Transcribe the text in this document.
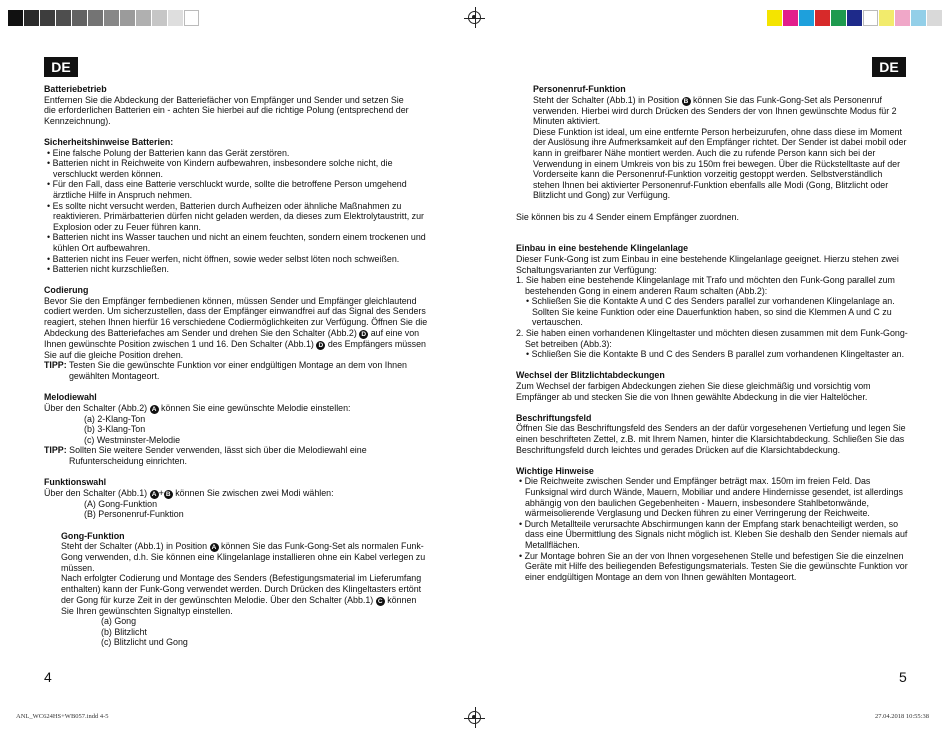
DE	DE

Batteriebetrieb

Entfernen Sie die Abdeckung der Batteriefächer von Empfänger und Sender und setzen Sie

die erforderlichen Batterien ein - achten Sie hierbei auf die richtige Polung (entsprechend der

Kennzeichnung).

Sicherheitshinweise Batterien:

• Eine falsche Polung der Batterien kann das Gerät zerstören.

• Batterien nicht in Reichweite von Kindern aufbewahren, insbesondere solche nicht, die verschluckt werden können.

• Für den Fall, dass eine Batterie verschluckt wurde, sollte die betroffene Person umgehend ärztliche Hilfe in Anspruch nehmen.

• Es sollte nicht versucht werden, Batterien durch Aufheizen oder ähnliche Maßnahmen zu reaktivieren. Primärbatterien dürfen nicht geladen werden, da dieses zum Elektrolytaustritt, zur Explosion oder zu Feuer führen kann.

• Batterien nicht ins Wasser tauchen und nicht an einem feuchten, sondern einem trockenen und kühlen Ort aufbewahren.

• Batterien nicht ins Feuer werfen, nicht öffnen, sowie weder selbst löten noch schweißen.

• Batterien nicht kurzschließen.

Codierung

Bevor Sie den Empfänger fernbedienen können, müssen Sender und Empfänger gleichlautend codiert werden. Um sicherzustellen, dass der Empfänger einwandfrei auf das Signal des Senders reagiert, stehen Ihnen hierfür 16 verschiedene Codiermöglichkeiten zur Verfügung. Öffnen Sie die Abdeckung des Batteriefaches am Sender und drehen Sie den Schalter (Abb.2) D auf eine von Ihnen gewünschte Position zwischen 1 und 16. Den Schalter (Abb.1) D des Empfängers müssen Sie auf die gleiche Position drehen.

TIPP: Testen Sie die gewünschte Funktion vor einer endgültigen Montage an dem von Ihnen gewählten Montageort.

Melodiewahl

Über den Schalter (Abb.2) A können Sie eine gewünschte Melodie einstellen:

(a) 2-Klang-Ton

(b) 3-Klang-Ton

(c) Westminster-Melodie

TIPP: Sollten Sie weitere Sender verwenden, lässt sich über die Melodiewahl eine Rufunterscheidung einrichten.

Funktionswahl

Über den Schalter (Abb.1) A + B können Sie zwischen zwei Modi wählen:

(A) Gong-Funktion

(B) Personenruf-Funktion

Gong-Funktion

Steht der Schalter (Abb.1) in Position A können Sie das Funk-Gong-Set als normalen Funk-Gong verwenden, d.h. Sie können eine Klingelanlage installieren ohne ein Kabel verlegen zu müssen.

Nach erfolgter Codierung und Montage des Senders (Befestigungsmaterial im Lieferumfang enthalten) kann der Funk-Gong verwendet werden. Durch Drücken des Klingeltasters ertönt der Gong für kurze Zeit in der gewünschten Melodie. Über den Schalter (Abb.1) C können Sie Ihren gewünschten Signaltyp einstellen.

(a) Gong

(b) Blitzlicht

(c) Blitzlicht und Gong

Personenruf-Funktion

Steht der Schalter (Abb.1) in Position B können Sie das Funk-Gong-Set als Personenruf verwenden. Hierbei wird durch Drücken des Senders der von Ihnen gewünschte Modus für 2 Minuten aktiviert.

Diese Funktion ist ideal, um eine entfernte Person herbeizurufen, ohne dass diese im Moment der Auslösung ihre Aufmerksamkeit auf den Empfänger richtet. Der Sender ist dabei mobil oder kann in greifbarer Nähe montiert werden. Auch die zu rufende Person kann sich bei der Verwendung in einem Umkreis von bis zu 150m frei bewegen. Über die Rückstelltaste auf der Vorderseite kann die Personenruf-Funktion vorzeitig gestoppt werden. Selbstverständlich stehen Ihnen bei aktivierter Personenruf-Funktion ebenfalls alle Modi (Gong, Blitzlicht oder Blitzlicht und Gong) zur Verfügung.

Sie können bis zu 4 Sender einem Empfänger zuordnen.

Einbau in eine bestehende Klingelanlage

Dieser Funk-Gong ist zum Einbau in eine bestehende Klingelanlage geeignet. Hierzu stehen zwei Schaltungsvarianten zur Verfügung:

1. Sie haben eine bestehende Klingelanlage mit Trafo und möchten den Funk-Gong parallel zum bestehenden Gong in einem anderen Raum schalten (Abb.2):

• Schließen Sie die Kontakte A und C des Senders parallel zur vorhandenen Klingelanlage an. Sollten Sie keine Funktion oder eine Dauerfunktion haben, so sind die Klemmen A und C zu vertauschen.

2. Sie haben einen vorhandenen Klingeltaster und möchten diesen zusammen mit dem Funk-Gong-Set betreiben (Abb.3):

• Schließen Sie die Kontakte B und C des Senders B parallel zum vorhandenen Klingeltaster an.

Wechsel der Blitzlichtabdeckungen

Zum Wechsel der farbigen Abdeckungen ziehen Sie diese gleichmäßig und vorsichtig vom Empfänger ab und stecken Sie die von Ihnen gewählte Abdeckung in die vier Haltelöcher.

Beschriftungsfeld

Öffnen Sie das Beschriftungsfeld des Senders an der dafür vorgesehenen Vertiefung und legen Sie einen beschrifteten Zettel, z.B. mit Ihrem Namen, hinter die Klarsichtabdeckung. Schließen Sie das Beschriftungsfeld durch leichtes und gerades Drücken auf die Klarsichtabdeckung.

Wichtige Hinweise

• Die Reichweite zwischen Sender und Empfänger beträgt max. 150m im freien Feld. Das Funksignal wird durch Wände, Mauern, Mobiliar und andere Hindernisse gesendet, ist allerdings abhängig von den baulichen Gegebenheiten - Mauern, insbesondere Stahlbetonwände, wärmeisolierende Verglasung und Decken führen zu einer Verringerung der Reichweite.

• Durch Metallteile verursachte Abschirmungen kann der Empfang stark benachteiligt werden, so dass eine Übermittlung des Signals nicht möglich ist. Kleben Sie deshalb den Sender niemals auf Metallflächen.

• Zur Montage bohren Sie an der von Ihnen vorgesehenen Stelle und befestigen Sie die einzelnen Geräte mit Hilfe des beiliegenden Befestigungsmaterials. Testen Sie die gewünschte Funktion vor einer endgültigen Montage an dem von Ihnen gewählten Montageort.

4	5
ANL_WC624HS+WB057.indd 4-5	27.04.2018 10:55:38
